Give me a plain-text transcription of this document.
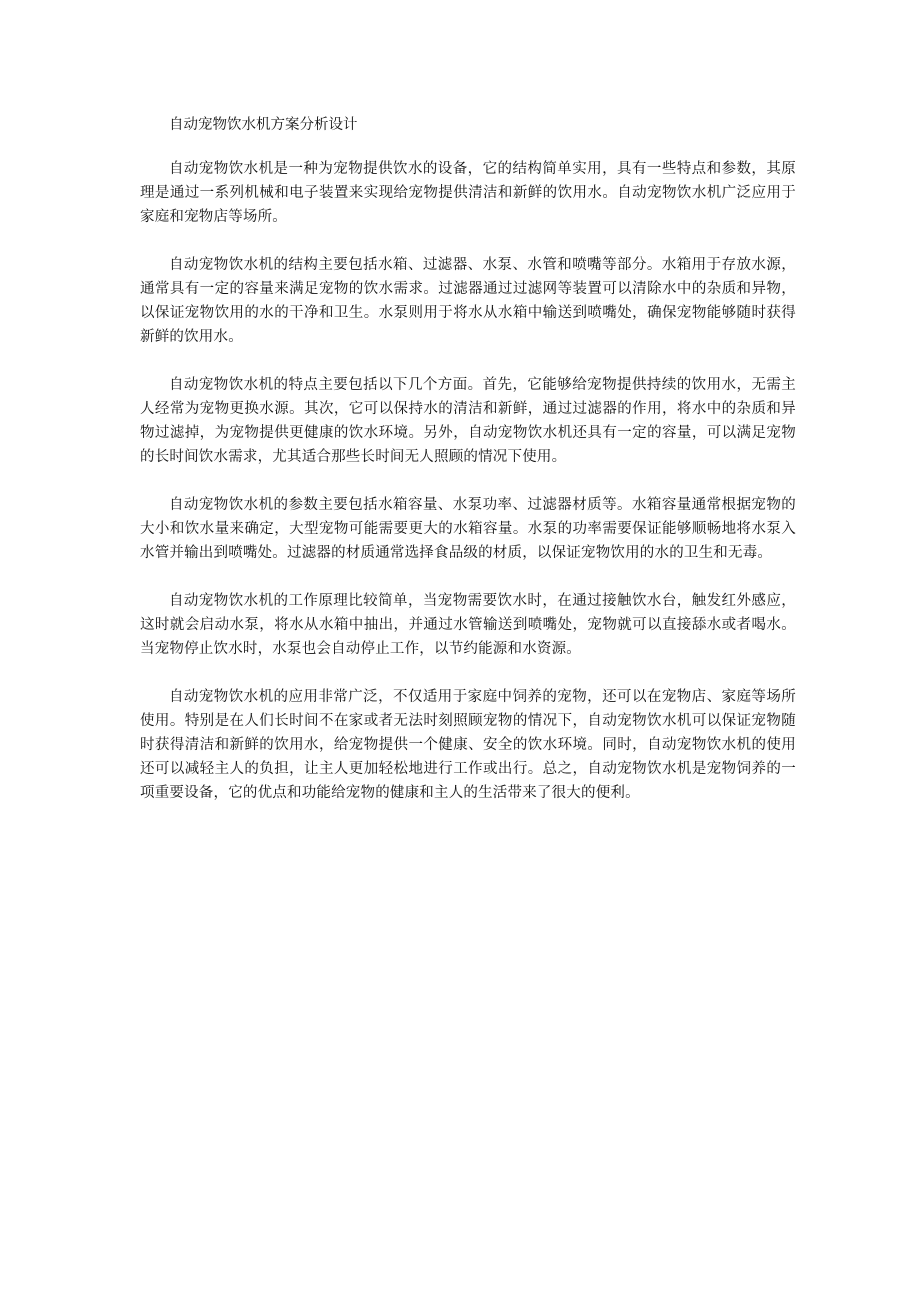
自动宠物饮水机方案分析设计

自动宠物饮水机是一种为宠物提供饮水的设备，它的结构简单实用，具有一些特点和参数，其原理是通过一系列机械和电子装置来实现给宠物提供清洁和新鲜的饮用水。自动宠物饮水机广泛应用于家庭和宠物店等场所。

自动宠物饮水机的结构主要包括水箱、过滤器、水泵、水管和喷嘴等部分。水箱用于存放水源，通常具有一定的容量来满足宠物的饮水需求。过滤器通过过滤网等装置可以清除水中的杂质和异物，以保证宠物饮用的水的干净和卫生。水泵则用于将水从水箱中输送到喷嘴处，确保宠物能够随时获得新鲜的饮用水。

自动宠物饮水机的特点主要包括以下几个方面。首先，它能够给宠物提供持续的饮用水，无需主人经常为宠物更换水源。其次，它可以保持水的清洁和新鲜，通过过滤器的作用，将水中的杂质和异物过滤掉，为宠物提供更健康的饮水环境。另外，自动宠物饮水机还具有一定的容量，可以满足宠物的长时间饮水需求，尤其适合那些长时间无人照顾的情况下使用。

自动宠物饮水机的参数主要包括水箱容量、水泵功率、过滤器材质等。水箱容量通常根据宠物的大小和饮水量来确定，大型宠物可能需要更大的水箱容量。水泵的功率需要保证能够顺畅地将水泵入水管并输出到喷嘴处。过滤器的材质通常选择食品级的材质，以保证宠物饮用的水的卫生和无毒。

自动宠物饮水机的工作原理比较简单，当宠物需要饮水时，在通过接触饮水台，触发红外感应，这时就会启动水泵，将水从水箱中抽出，并通过水管输送到喷嘴处，宠物就可以直接舔水或者喝水。当宠物停止饮水时，水泵也会自动停止工作，以节约能源和水资源。

自动宠物饮水机的应用非常广泛，不仅适用于家庭中饲养的宠物，还可以在宠物店、家庭等场所使用。特别是在人们长时间不在家或者无法时刻照顾宠物的情况下，自动宠物饮水机可以保证宠物随时获得清洁和新鲜的饮用水，给宠物提供一个健康、安全的饮水环境。同时，自动宠物饮水机的使用还可以减轻主人的负担，让主人更加轻松地进行工作或出行。总之，自动宠物饮水机是宠物饲养的一项重要设备，它的优点和功能给宠物的健康和主人的生活带来了很大的便利。
